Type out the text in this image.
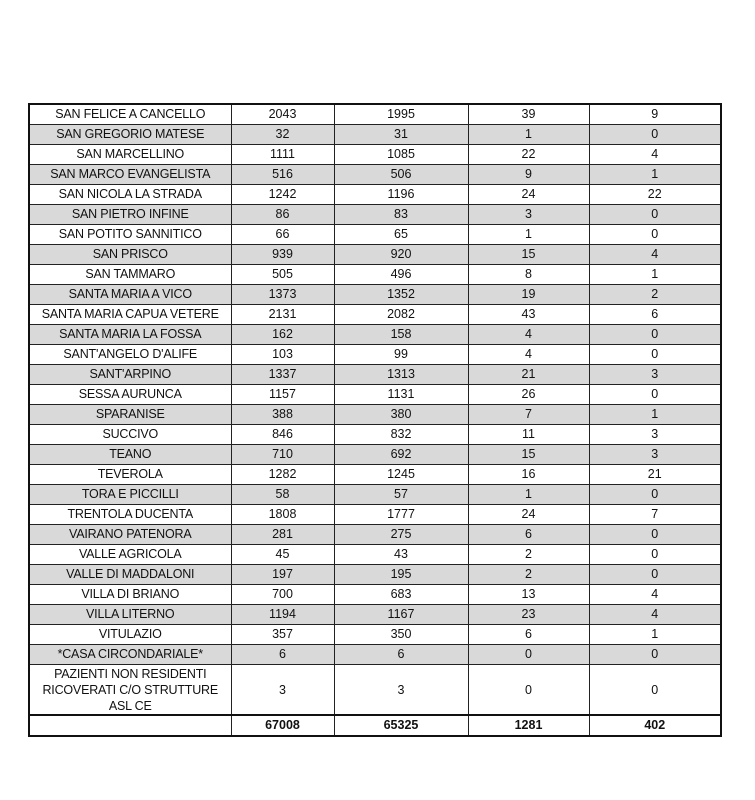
SAN FELICE A CANCELLO	2043	1995	39	9
SAN GREGORIO MATESE	32	31	1	0
SAN MARCELLINO	1111	1085	22	4
SAN MARCO EVANGELISTA	516	506	9	1
SAN NICOLA LA STRADA	1242	1196	24	22
SAN PIETRO INFINE	86	83	3	0
SAN POTITO SANNITICO	66	65	1	0
SAN PRISCO	939	920	15	4
SAN TAMMARO	505	496	8	1
SANTA MARIA A VICO	1373	1352	19	2
SANTA MARIA CAPUA VETERE	2131	2082	43	6
SANTA MARIA LA FOSSA	162	158	4	0
SANT'ANGELO D'ALIFE	103	99	4	0
SANT'ARPINO	1337	1313	21	3
SESSA AURUNCA	1157	1131	26	0
SPARANISE	388	380	7	1
SUCCIVO	846	832	11	3
TEANO	710	692	15	3
TEVEROLA	1282	1245	16	21
TORA E PICCILLI	58	57	1	0
TRENTOLA DUCENTA	1808	1777	24	7
VAIRANO PATENORA	281	275	6	0
VALLE AGRICOLA	45	43	2	0
VALLE DI MADDALONI	197	195	2	0
VILLA DI BRIANO	700	683	13	4
VILLA LITERNO	1194	1167	23	4
VITULAZIO	357	350	6	1
*CASA CIRCONDARIALE*	6	6	0	0
PAZIENTI NON RESIDENTI RICOVERATI C/O STRUTTURE ASL CE	3	3	0	0
	67008	65325	1281	402
